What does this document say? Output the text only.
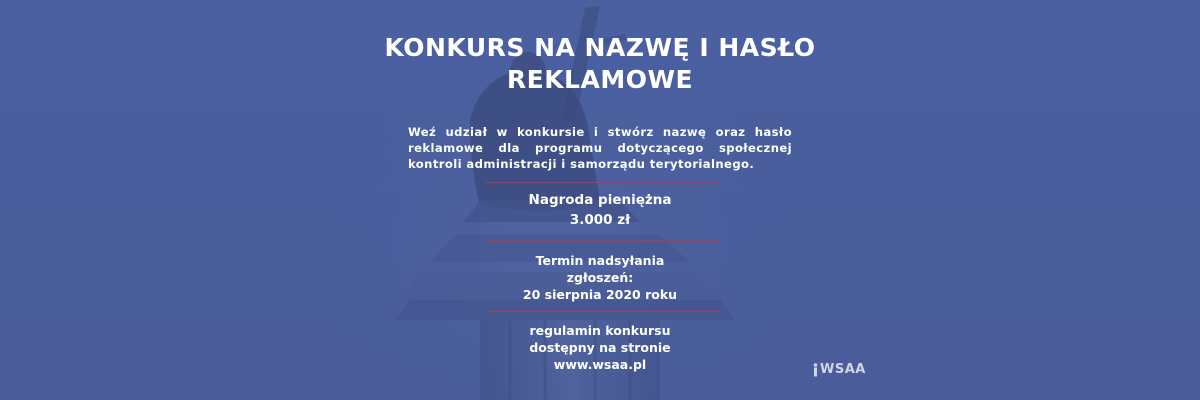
KONKURS NA NAZWĘ I HASŁO
REKLAMOWE
Weź udział w konkursie i stwórz nazwę oraz hasło reklamowe dla programu dotyczącego społecznej kontroli administracji i samorządu terytorialnego.
Nagroda pieniężna
3.000 zł
Termin nadsyłania
zgłoszeń:
20 sierpnia 2020 roku
regulamin konkursu
dostępny na stronie
www.wsaa.pl	WSAA
